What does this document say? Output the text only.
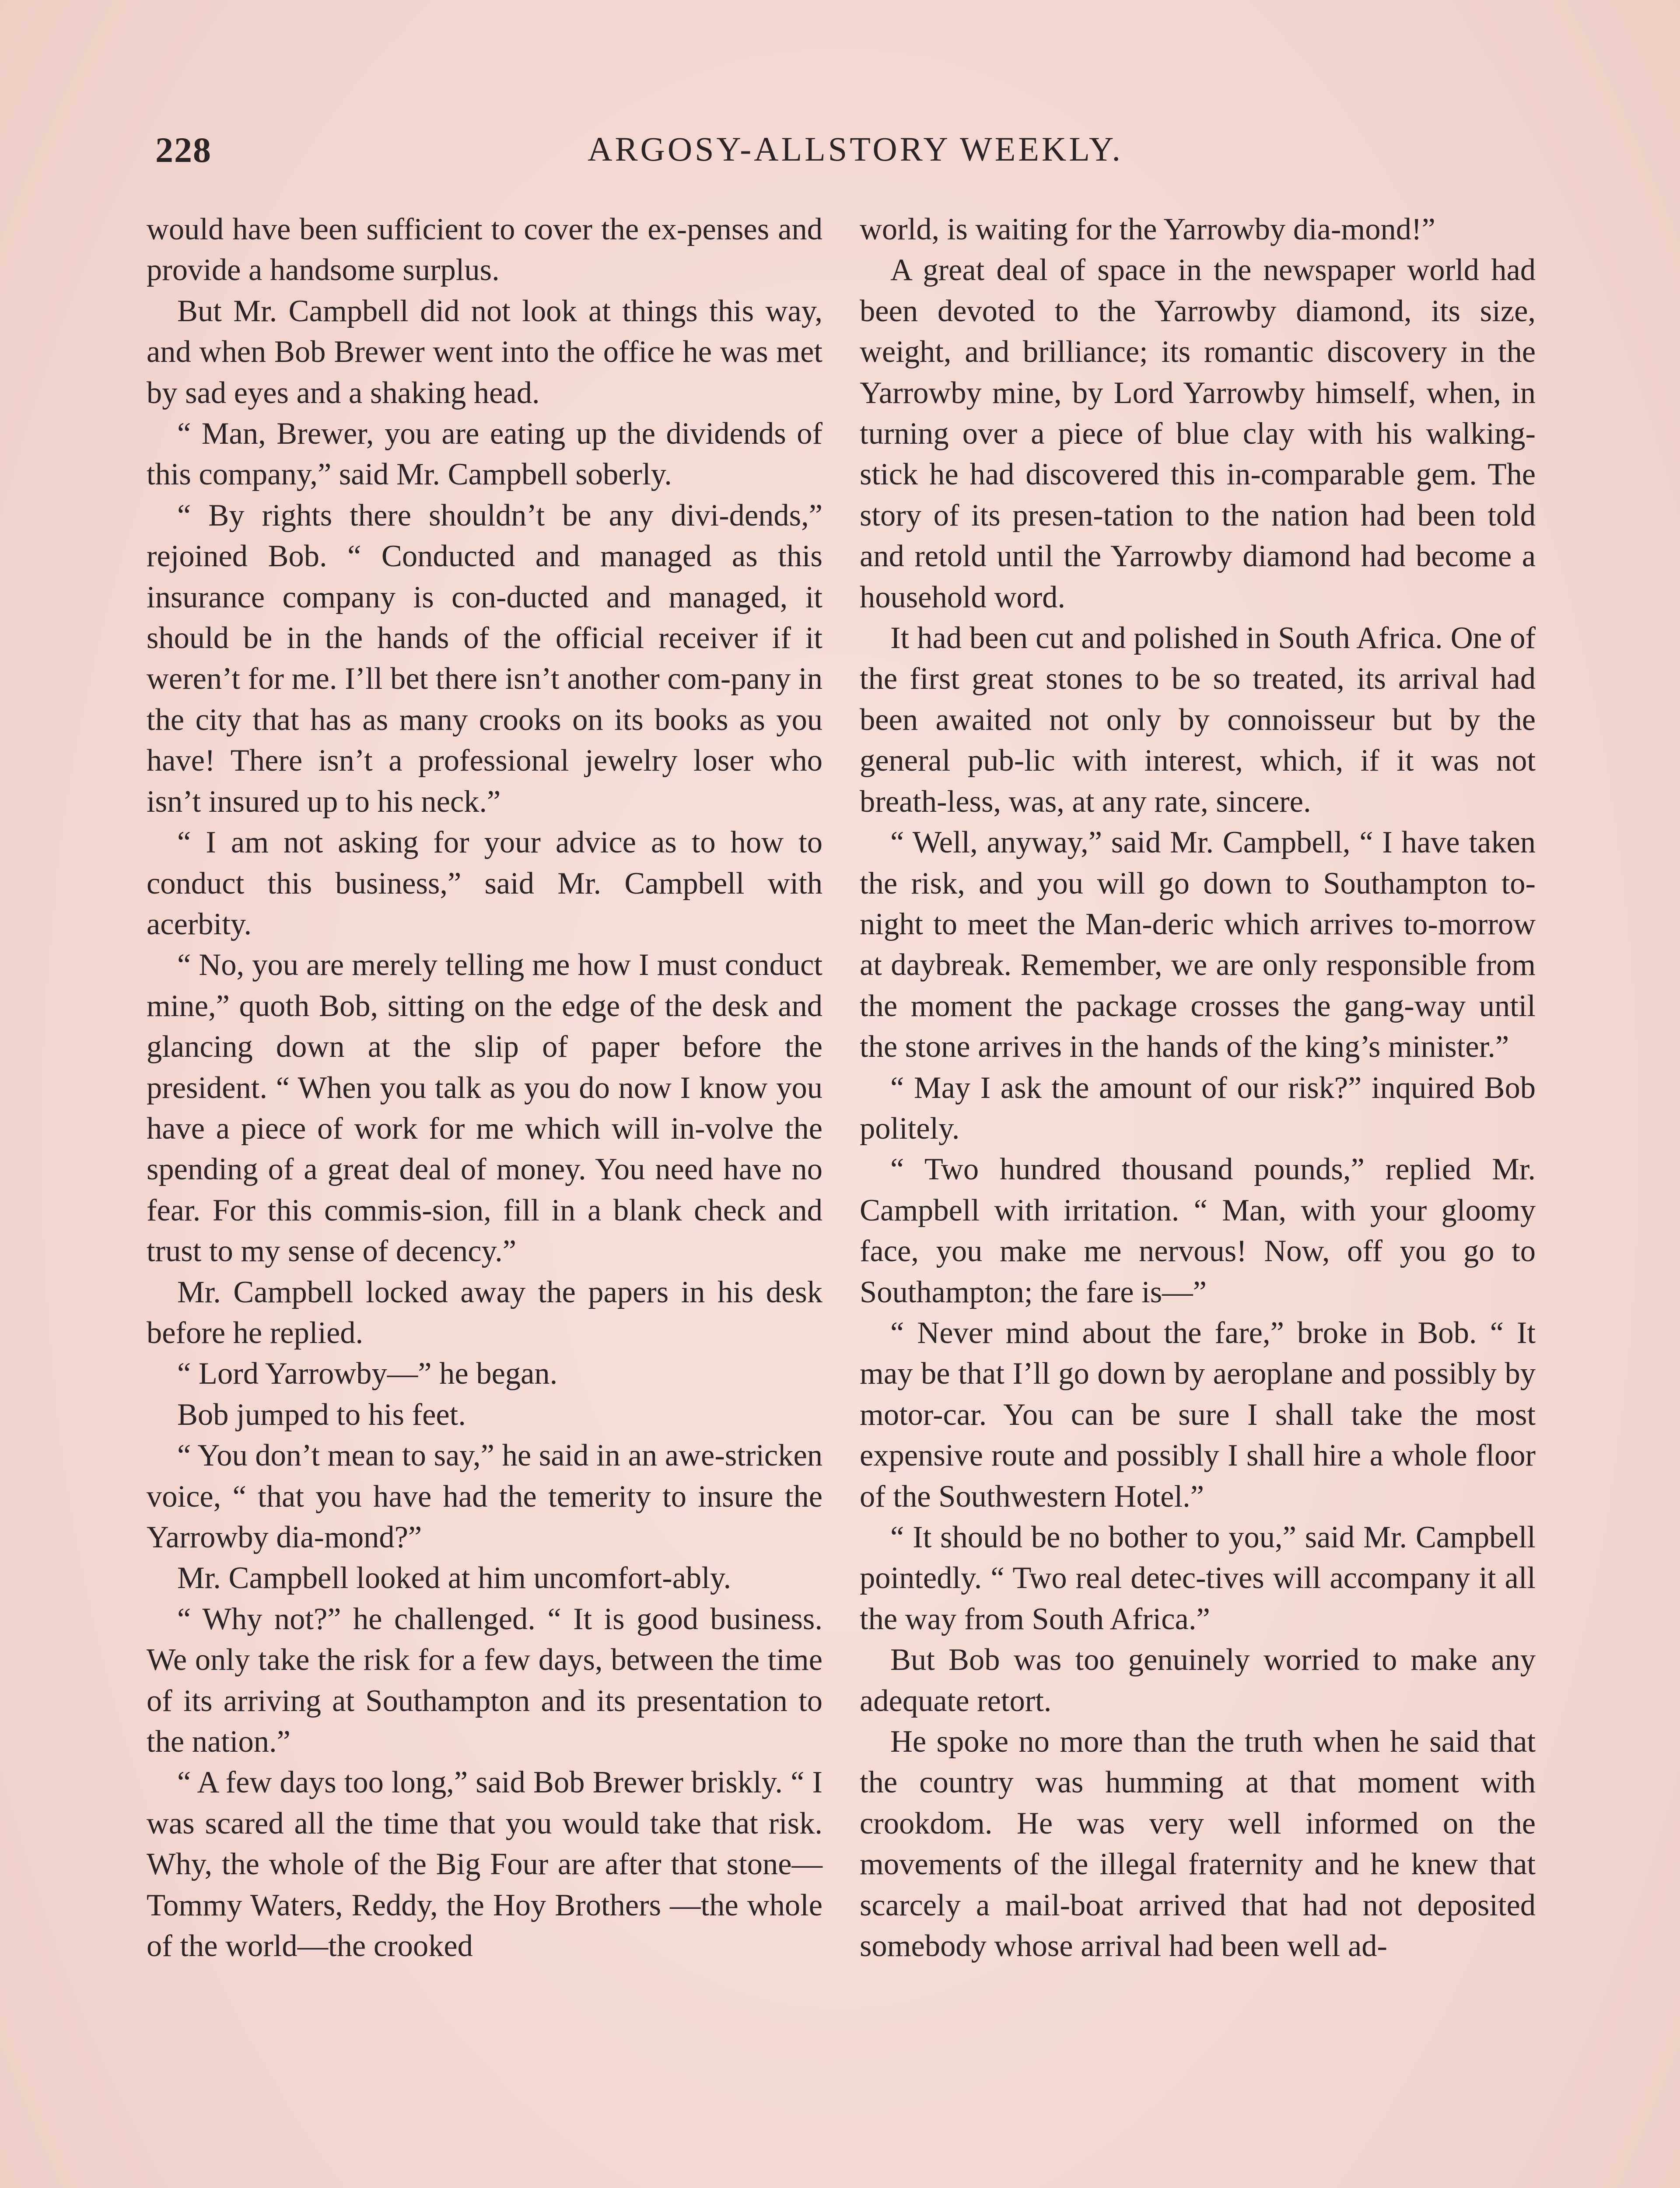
228	ARGOSY-ALLSTORY WEEKLY.

would have been sufficient to cover the ex-penses and provide a handsome surplus.

But Mr. Campbell did not look at things this way, and when Bob Brewer went into the office he was met by sad eyes and a shaking head.

“ Man, Brewer, you are eating up the dividends of this company,” said Mr. Campbell soberly.

“ By rights there shouldn’t be any divi-dends,” rejoined Bob. “ Conducted and managed as this insurance company is con-ducted and managed, it should be in the hands of the official receiver if it weren’t for me. I’ll bet there isn’t another com-pany in the city that has as many crooks on its books as you have! There isn’t a professional jewelry loser who isn’t insured up to his neck.”

“ I am not asking for your advice as to how to conduct this business,” said Mr. Campbell with acerbity.

“ No, you are merely telling me how I must conduct mine,” quoth Bob, sitting on the edge of the desk and glancing down at the slip of paper before the president. “ When you talk as you do now I know you have a piece of work for me which will in-volve the spending of a great deal of money. You need have no fear. For this commis-sion, fill in a blank check and trust to my sense of decency.”

Mr. Campbell locked away the papers in his desk before he replied.

“ Lord Yarrowby—” he began.

Bob jumped to his feet.

“ You don’t mean to say,” he said in an awe-stricken voice, “ that you have had the temerity to insure the Yarrowby dia-mond?”

Mr. Campbell looked at him uncomfort-ably.

“ Why not?” he challenged. “ It is good business. We only take the risk for a few days, between the time of its arriving at Southampton and its presentation to the nation.”

“ A few days too long,” said Bob Brewer briskly. “ I was scared all the time that you would take that risk. Why, the whole of the Big Four are after that stone— Tommy Waters, Reddy, the Hoy Brothers —the whole of the world—the crooked

world, is waiting for the Yarrowby dia-mond!”

A great deal of space in the newspaper world had been devoted to the Yarrowby diamond, its size, weight, and brilliance; its romantic discovery in the Yarrowby mine, by Lord Yarrowby himself, when, in turning over a piece of blue clay with his walking-stick he had discovered this in-comparable gem. The story of its presen-tation to the nation had been told and retold until the Yarrowby diamond had become a household word.

It had been cut and polished in South Africa. One of the first great stones to be so treated, its arrival had been awaited not only by connoisseur but by the general pub-lic with interest, which, if it was not breath-less, was, at any rate, sincere.

“ Well, anyway,” said Mr. Campbell, “ I have taken the risk, and you will go down to Southampton to-night to meet the Man-deric which arrives to-morrow at daybreak. Remember, we are only responsible from the moment the package crosses the gang-way until the stone arrives in the hands of the king’s minister.”

“ May I ask the amount of our risk?” inquired Bob politely.

“ Two hundred thousand pounds,” replied Mr. Campbell with irritation. “ Man, with your gloomy face, you make me nervous! Now, off you go to Southampton; the fare is—”

“ Never mind about the fare,” broke in Bob. “ It may be that I’ll go down by aeroplane and possibly by motor-car. You can be sure I shall take the most expensive route and possibly I shall hire a whole floor of the Southwestern Hotel.”

“ It should be no bother to you,” said Mr. Campbell pointedly. “ Two real detec-tives will accompany it all the way from South Africa.”

But Bob was too genuinely worried to make any adequate retort.

He spoke no more than the truth when he said that the country was humming at that moment with crookdom. He was very well informed on the movements of the illegal fraternity and he knew that scarcely a mail-boat arrived that had not deposited somebody whose arrival had been well ad-
